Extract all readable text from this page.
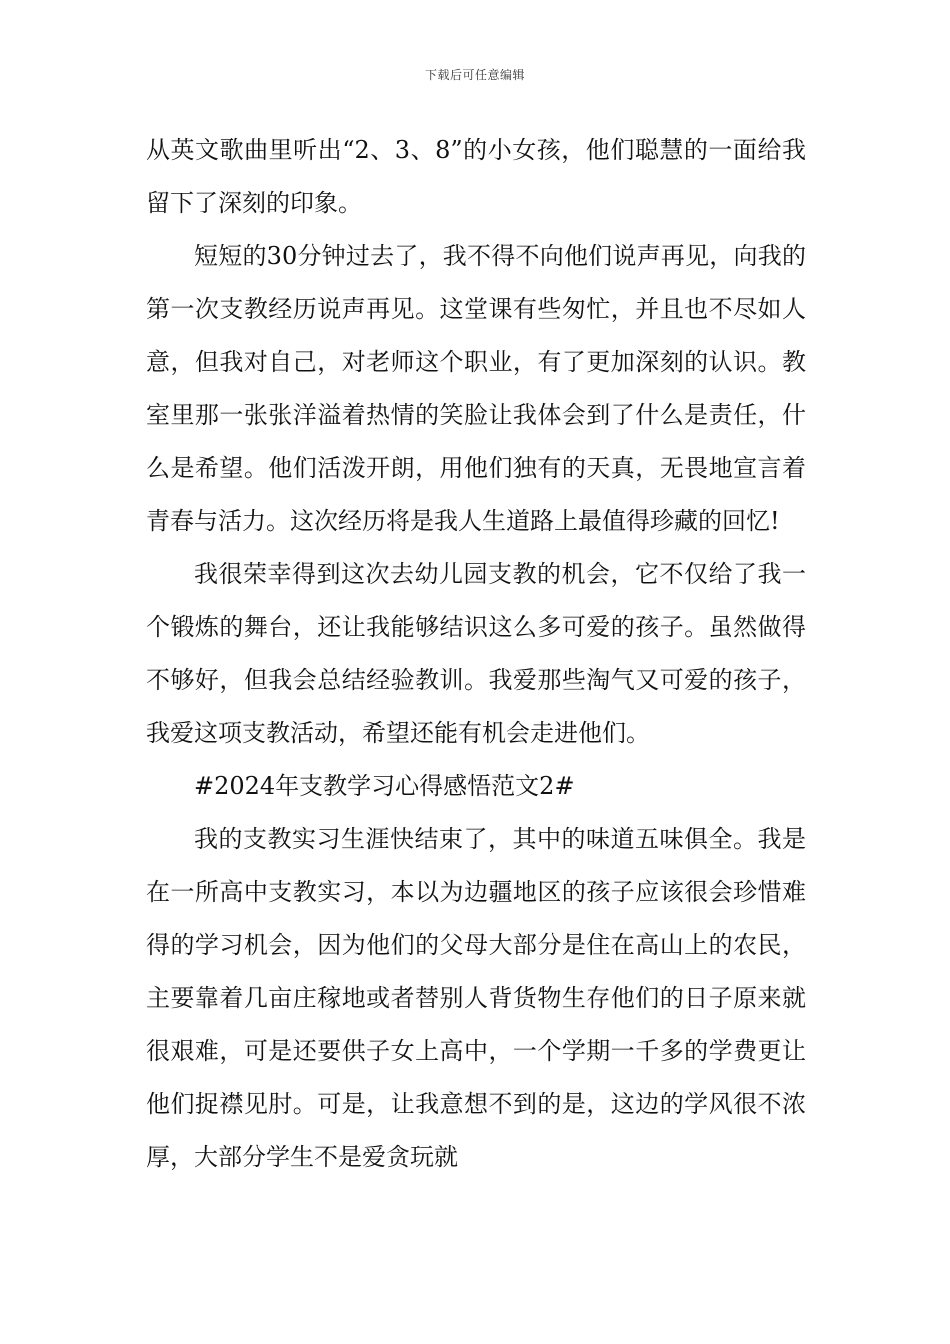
下载后可任意编辑

从英文歌曲里听出“2、3、8”的小女孩，他们聪慧的一面给我留下了深刻的印象。

短短的30分钟过去了，我不得不向他们说声再见，向我的第一次支教经历说声再见。这堂课有些匆忙，并且也不尽如人意，但我对自己，对老师这个职业，有了更加深刻的认识。教室里那一张张洋溢着热情的笑脸让我体会到了什么是责任，什么是希望。他们活泼开朗，用他们独有的天真，无畏地宣言着青春与活力。这次经历将是我人生道路上最值得珍藏的回忆!

我很荣幸得到这次去幼儿园支教的机会，它不仅给了我一个锻炼的舞台，还让我能够结识这么多可爱的孩子。虽然做得不够好，但我会总结经验教训。我爱那些淘气又可爱的孩子，我爱这项支教活动，希望还能有机会走进他们。

#2024年支教学习心得感悟范文2#

我的支教实习生涯快结束了，其中的味道五味俱全。我是在一所高中支教实习，本以为边疆地区的孩子应该很会珍惜难得的学习机会，因为他们的父母大部分是住在高山上的农民，主要靠着几亩庄稼地或者替别人背货物生存他们的日子原来就很艰难，可是还要供子女上高中，一个学期一千多的学费更让他们捉襟见肘。可是，让我意想不到的是，这边的学风很不浓厚，大部分学生不是爱贪玩就
